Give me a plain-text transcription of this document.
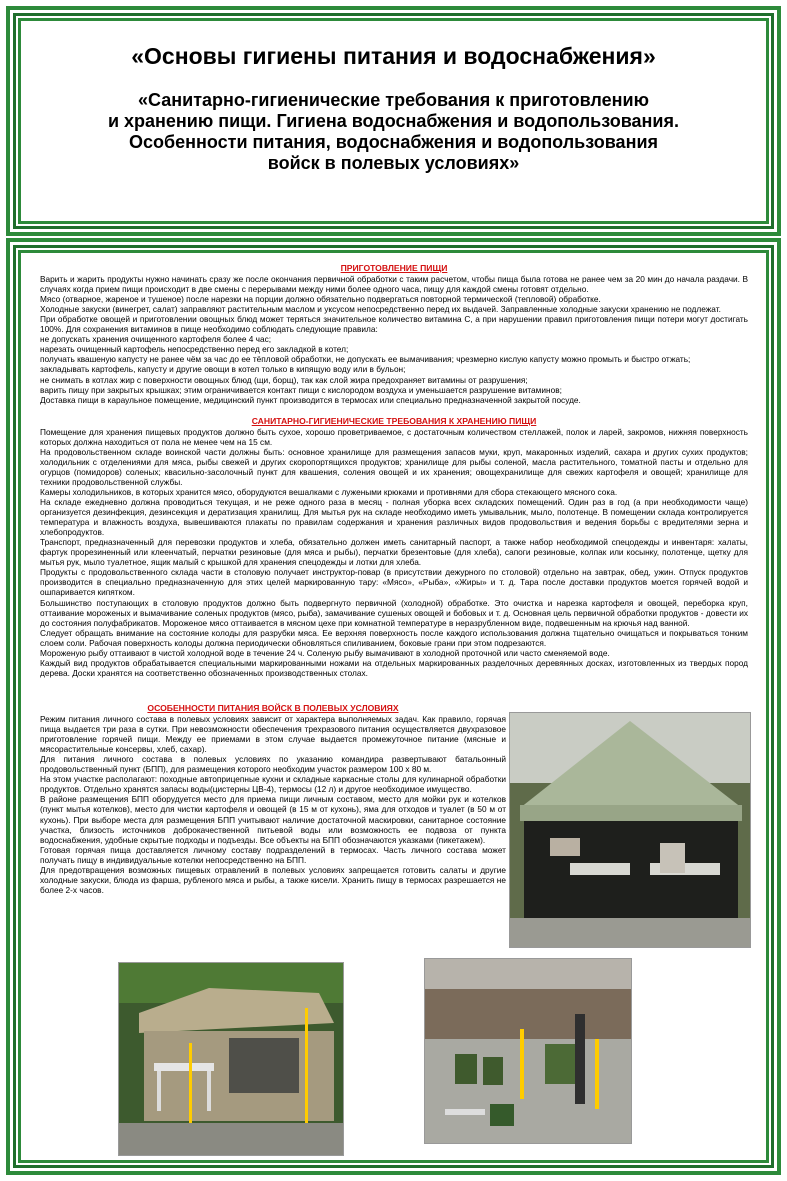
«Основы гигиены питания и водоснабжения»
«Санитарно-гигиенические требования к приготовлению
и хранению пищи. Гигиена водоснабжения и водопользования.
Особенности питания, водоснабжения и водопользования
войск в полевых условиях»
ПРИГОТОВЛЕНИЕ ПИЩИ

Варить и жарить продукты нужно начинать сразу же после окончания первичной обработки с таким расчетом, чтобы пища была готова не ранее чем за 20 мин до начала раздачи. В случаях когда прием пищи происходит в две смены с перерывами между ними более одного часа, пищу для каждой смены готовят отдельно.

Мясо (отварное, жареное и тушеное) после нарезки на порции должно обязательно подвергаться повторной термической (тепловой) обработке.

Холодные закуски (винегрет, салат) заправляют растительным маслом и уксусом непосредственно перед их выдачей. Заправленные холодные закуски хранению не подлежат.

При обработке овощей и приготовлении овощных блюд может теряться значительное количество витамина С, а при нарушении правил приготовления пищи потери могут достигать 100%. Для сохранения витаминов в пище необходимо соблюдать следующие правила:

не допускать хранения очищенного картофеля более 4 час;

нарезать очищенный картофель непосредственно перед его закладкой в котел;

получать квашеную капусту не ранее чём за час до ее тёпловой обработки, не допускать ее вымачивания; чрезмерно кислую капусту можно промыть и быстро отжать;

закладывать картофель, капусту и другие овощи в котел только в кипящую воду или в бульон;

не снимать в котлах жир с поверхности овощных блюд (щи, борщ), так как слой жира предохраняет витамины от разрушения;

варить пищу при закрытых крышках; этим ограничивается контакт пищи с кислородом воздуха и уменьшается разрушение витаминов;

Доставка пищи в караульное помещение, медицинский пункт производится в термосах или специально предназначенной закрытой посуде.

САНИТАРНО-ГИГИЕНИЧЕСКИЕ ТРЕБОВАНИЯ К ХРАНЕНИЮ ПИЩИ

Помещение для хранения пищевых продуктов должно быть сухое, хорошо проветриваемое, с достаточным количеством стеллажей, полок и ларей, закромов, нижняя поверхность которых должна находиться от пола не менее чем на 15 см.

На продовольственном складе воинской части должны быть: основное хранилище для размещения запасов муки, круп, макаронных изделий, сахара и других сухих продуктов; холодильник с отделениями для мяса, рыбы свежей и других скоропортящихся продуктов; хранилище для рыбы соленой, масла растительного, томатной пасты и отдельно для огурцов (помидоров) соленых; квасильно-засолочный пункт для квашения, соления овощей и их хранения; овощехранилище для свежих картофеля и овощей; хранилище для техники продовольственной службы.

Камеры холодильников, в которых хранится мясо, оборудуются вешалками с лужеными крюками и противнями для сбора стекающего мясного сока.

На складе ежедневно должна проводиться текущая, и не реже одного раза в месяц - полная уборка всех складских помещений. Один раз в год (а при необходимости чаще) организуется дезинфекция, дезинсекция и дератизация хранилищ. Для мытья рук на складе необходимо иметь умывальник, мыло, полотенце. В помещении склада контролируется температура и влажность воздуха, вывешиваются плакаты по правилам содержания и хранения различных видов продовольствия и ведения борьбы с вредителями зерна и хлебопродуктов.

Транспорт, предназначенный для перевозки продуктов и хлеба, обязательно должен иметь санитарный паспорт, а также набор необходимой спецодежды и инвентаря: халаты, фартук прорезиненный или клеенчатый, перчатки резиновые (для мяса и рыбы), перчатки брезентовые (для хлеба), сапоги резиновые, колпак или косынку, полотенце, щетку для мытья рук, мыло туалетное, ящик малый с крышкой для хранения спецодежды и лотки для хлеба.

Продукты с продовольственного склада части в столовую получает инструктор-повар (в присутствии дежурного по столовой) отдельно на завтрак, обед, ужин. Отпуск продуктов производится в специально предназначенную для этих целей маркированную тару: «Мясо», «Рыба», «Жиры» и т. д. Тара после доставки продуктов моется горячей водой и ошпаривается кипятком.

Большинство поступающих в столовую продуктов должно быть подвергнуто первичной (холодной) обработке. Это очистка и нарезка картофеля и овощей, переборка круп, оттаивание мороженых и вымачивание соленых продуктов (мясо, рыба), замачивание сушеных овощей и бобовых и т. д. Основная цель первичной обработки продуктов - довести их до состояния полуфабрикатов. Мороженое мясо оттаивается в мясном цехе при комнатной температуре в неразрубленном виде, подвешенным на крючья над ванной.

Следует обращать внимание на состояние колоды для разрубки мяса. Ее верхняя поверхность после каждого использования должна тщательно очищаться и покрываться тонким слоем соли. Рабочая поверхность колоды должна периодически обновляться спиливанием, боковые грани при этом подрезаются.

Мороженую рыбу оттаивают в чистой холодной воде в течение 24 ч. Соленую рыбу вымачивают в холодной проточной или часто сменяемой воде.

Каждый вид продуктов обрабатывается специальными маркированными ножами на отдельных маркированных разделочных деревянных досках, изготовленных из твердых пород дерева. Доски хранятся на соответственно обозначенных производственных столах.

ОСОБЕННОСТИ ПИТАНИЯ ВОЙСК В ПОЛЕВЫХ УСЛОВИЯХ

Режим питания личного состава в полевых условиях зависит от характера выполняемых задач. Как правило, горячая пища выдается три раза в сутки. При невозможности обеспечения трехразового питания осуществляется двухразовое приготовление горячей пищи. Между ее приемами в этом случае выдается промежуточное питание (мясные и мясорастительные консервы, хлеб, сахар).

Для питания личного состава в полевых условиях по указанию командира развертывают батальонный продовольственный пункт (БПП), для размещения которого необходим участок размером 100 х 80 м.

На этом участке располагают: походные автоприцепные кухни и складные каркасные столы для кулинарной обработки продуктов. Отдельно хранятся запасы воды(цистерны ЦВ-4), термосы (12 л) и другое необходимое имущество.

В районе размещения БПП оборудуется место для приема пищи личным составом, место для мойки рук и котелков (пункт мытья котелков), место для чистки картофеля и овощей (в 15 м от кухонь), яма для отходов и туалет (в 50 м от кухонь). При выборе места для размещения БПП учитывают наличие достаточной маскировки, санитарное состояние участка, близость источников доброкачественной питьевой воды или возможность ее подвоза от пункта водоснабжения, удобные скрытые подходы и подъезды. Все объекты на БПП обозначаются указками (пикетажем).

Готовая горячая пища доставляется личному составу подразделений в термосах. Часть личного состава может получать пищу в индивидуальные котелки непосредственно на БПП.

Для предотвращения возможных пищевых отравлений в полевых условиях запрещается готовить салаты и другие холодные закуски, блюда из фарша, рубленого мяса и рыбы, а также кисели. Хранить пищу в термосах разрешается не более 2-х часов.
